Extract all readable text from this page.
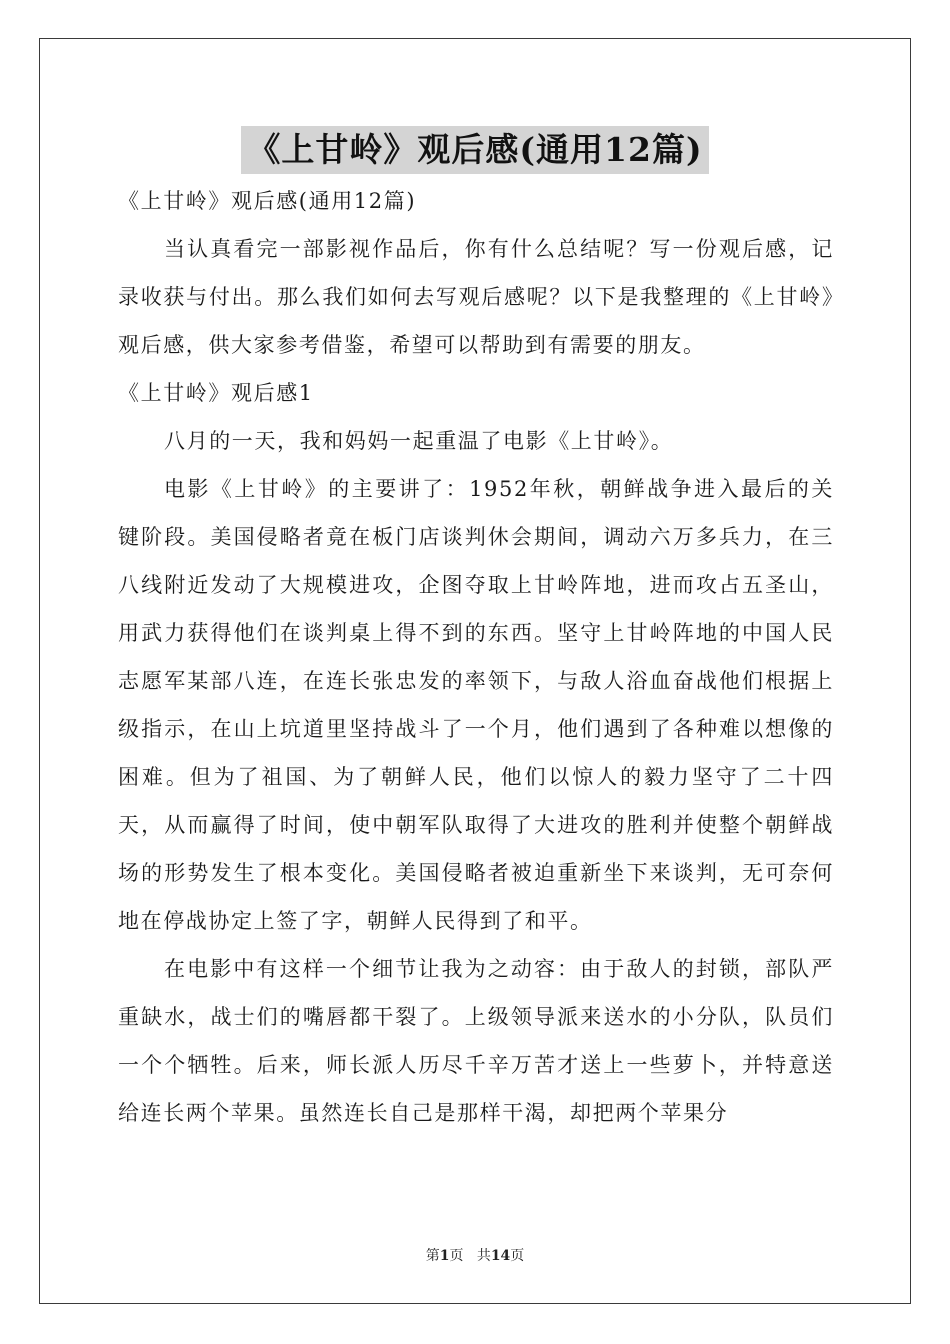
《上甘岭》观后感(通用12篇)

《上甘岭》观后感(通用12篇)

当认真看完一部影视作品后，你有什么总结呢？写一份观后感，记录收获与付出。那么我们如何去写观后感呢？以下是我整理的《上甘岭》观后感，供大家参考借鉴，希望可以帮助到有需要的朋友。

《上甘岭》观后感1

八月的一天，我和妈妈一起重温了电影《上甘岭》。

电影《上甘岭》的主要讲了：1952年秋，朝鲜战争进入最后的关键阶段。美国侵略者竟在板门店谈判休会期间，调动六万多兵力，在三八线附近发动了大规模进攻，企图夺取上甘岭阵地，进而攻占五圣山，用武力获得他们在谈判桌上得不到的东西。坚守上甘岭阵地的中国人民志愿军某部八连，在连长张忠发的率领下，与敌人浴血奋战他们根据上级指示，在山上坑道里坚持战斗了一个月，他们遇到了各种难以想像的困难。但为了祖国、为了朝鲜人民，他们以惊人的毅力坚守了二十四天，从而赢得了时间，使中朝军队取得了大进攻的胜利并使整个朝鲜战场的形势发生了根本变化。美国侵略者被迫重新坐下来谈判，无可奈何地在停战协定上签了字，朝鲜人民得到了和平。

在电影中有这样一个细节让我为之动容：由于敌人的封锁，部队严重缺水，战士们的嘴唇都干裂了。上级领导派来送水的小分队，队员们一个个牺牲。后来，师长派人历尽千辛万苦才送上一些萝卜，并特意送给连长两个苹果。虽然连长自己是那样干渴，却把两个苹果分

第1页 共14页
